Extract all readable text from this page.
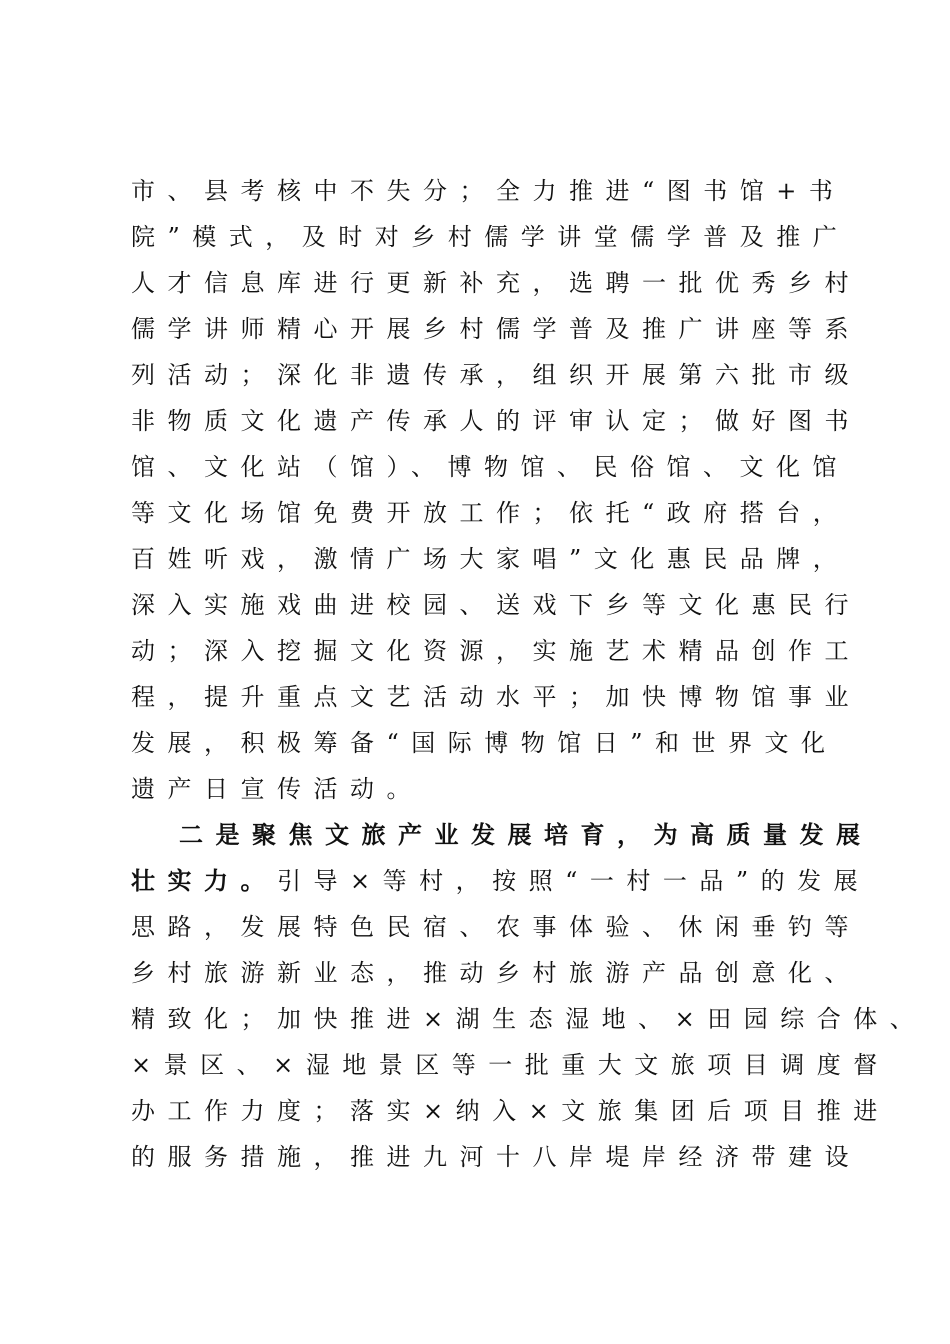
市、县考核中不失分；全力推进“图书馆+书
院”模式，及时对乡村儒学讲堂儒学普及推广
人才信息库进行更新补充，选聘一批优秀乡村
儒学讲师精心开展乡村儒学普及推广讲座等系
列活动；深化非遗传承，组织开展第六批市级
非物质文化遗产传承人的评审认定；做好图书
馆、文化站（馆）、博物馆、民俗馆、文化馆
等文化场馆免费开放工作；依托“政府搭台，
百姓听戏，激情广场大家唱”文化惠民品牌，
深入实施戏曲进校园、送戏下乡等文化惠民行
动；深入挖掘文化资源，实施艺术精品创作工
程，提升重点文艺活动水平；加快博物馆事业
发展，积极筹备“国际博物馆日”和世界文化
遗产日宣传活动。
二是聚焦文旅产业发展培育，为高质量发展
壮实力。引导×等村，按照“一村一品”的发展
思路，发展特色民宿、农事体验、休闲垂钓等
乡村旅游新业态，推动乡村旅游产品创意化、
精致化；加快推进×湖生态湿地、×田园综合体、
×景区、×湿地景区等一批重大文旅项目调度督
办工作力度；落实×纳入×文旅集团后项目推进
的服务措施，推进九河十八岸堤岸经济带建设
